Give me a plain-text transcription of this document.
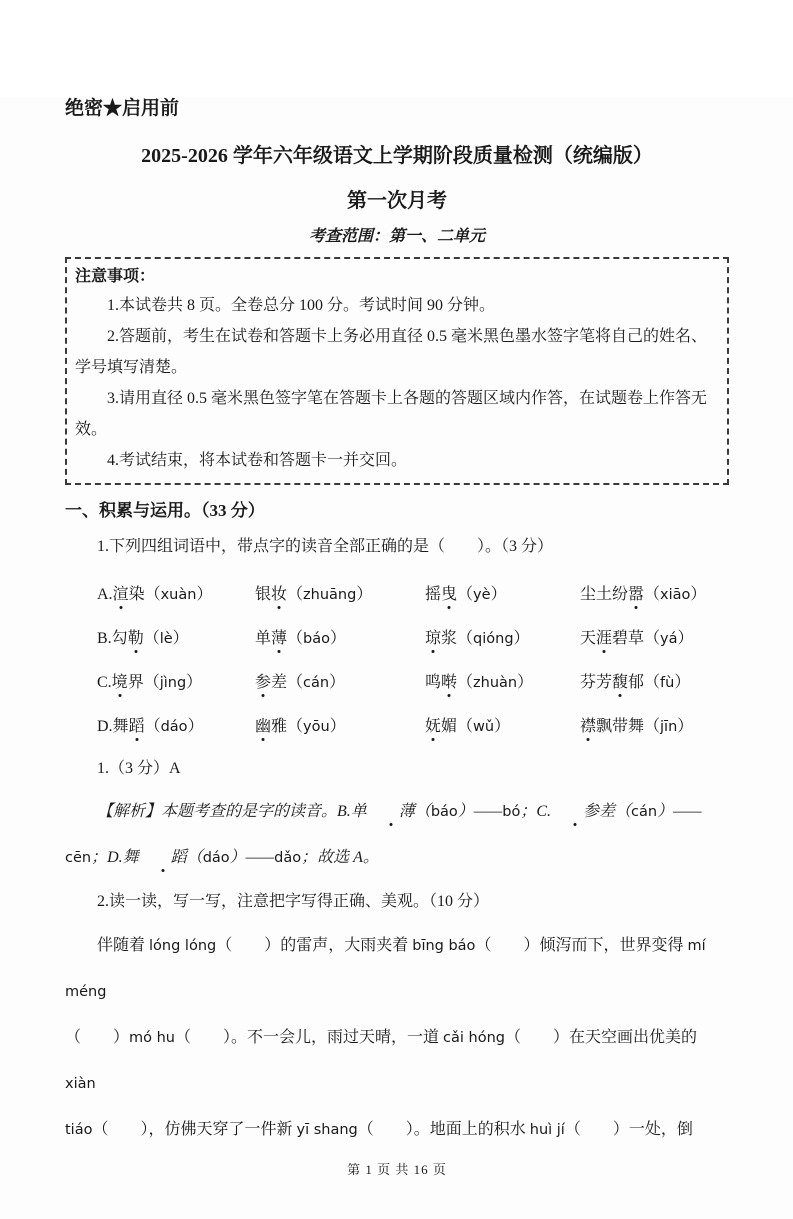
绝密★启用前
2025-2026 学年六年级语文上学期阶段质量检测（统编版）
第一次月考
考查范围：第一、二单元
注意事项：

1.本试卷共 8 页。全卷总分 100 分。考试时间 90 分钟。

2.答题前，考生在试卷和答题卡上务必用直径 0.5 毫米黑色墨水签字笔将自己的姓名、学号填写清楚。

3.请用直径 0.5 毫米黑色签字笔在答题卡上各题的答题区域内作答，在试题卷上作答无效。

4.考试结束，将本试卷和答题卡一并交回。

一、积累与运用。（33 分）
1.下列四组词语中，带点字的读音全部正确的是（　　）。（3 分）
A.渲染（xuàn）	银妆（zhuāng）	摇曳（yè）	尘土纷嚣（xiāo）
B.勾勒（lè）	单薄（báo）	琼浆（qióng）	天涯碧草（yá）
C.境界（jìng）	参差（cán）	鸣啭（zhuàn）	芬芳馥郁（fù）
D.舞蹈（dáo）	幽雅（yōu）	妩媚（wǔ）	襟飘带舞（jīn）
1.（3 分）A
【解析】本题考查的是字的读音。B.单 薄（báo）——bó；C. 参差（cán）——cēn；D.舞 蹈（dáo）——dǎo；故选 A。
2.读一读，写一写，注意把字写得正确、美观。（10 分）
伴随着 lóng lóng（　　）的雷声，大雨夹着 bīng báo（　　）倾泻而下，世界变得 mí méng
（　　）mó hu（　　）。不一会儿，雨过天晴，一道 cǎi hóng（　　）在天空画出优美的 xiàn
tiáo（　　），仿佛天穿了一件新 yī shang（　　）。地面上的积水 huì jí（　　）一处，倒
第 1 页 共 16 页
